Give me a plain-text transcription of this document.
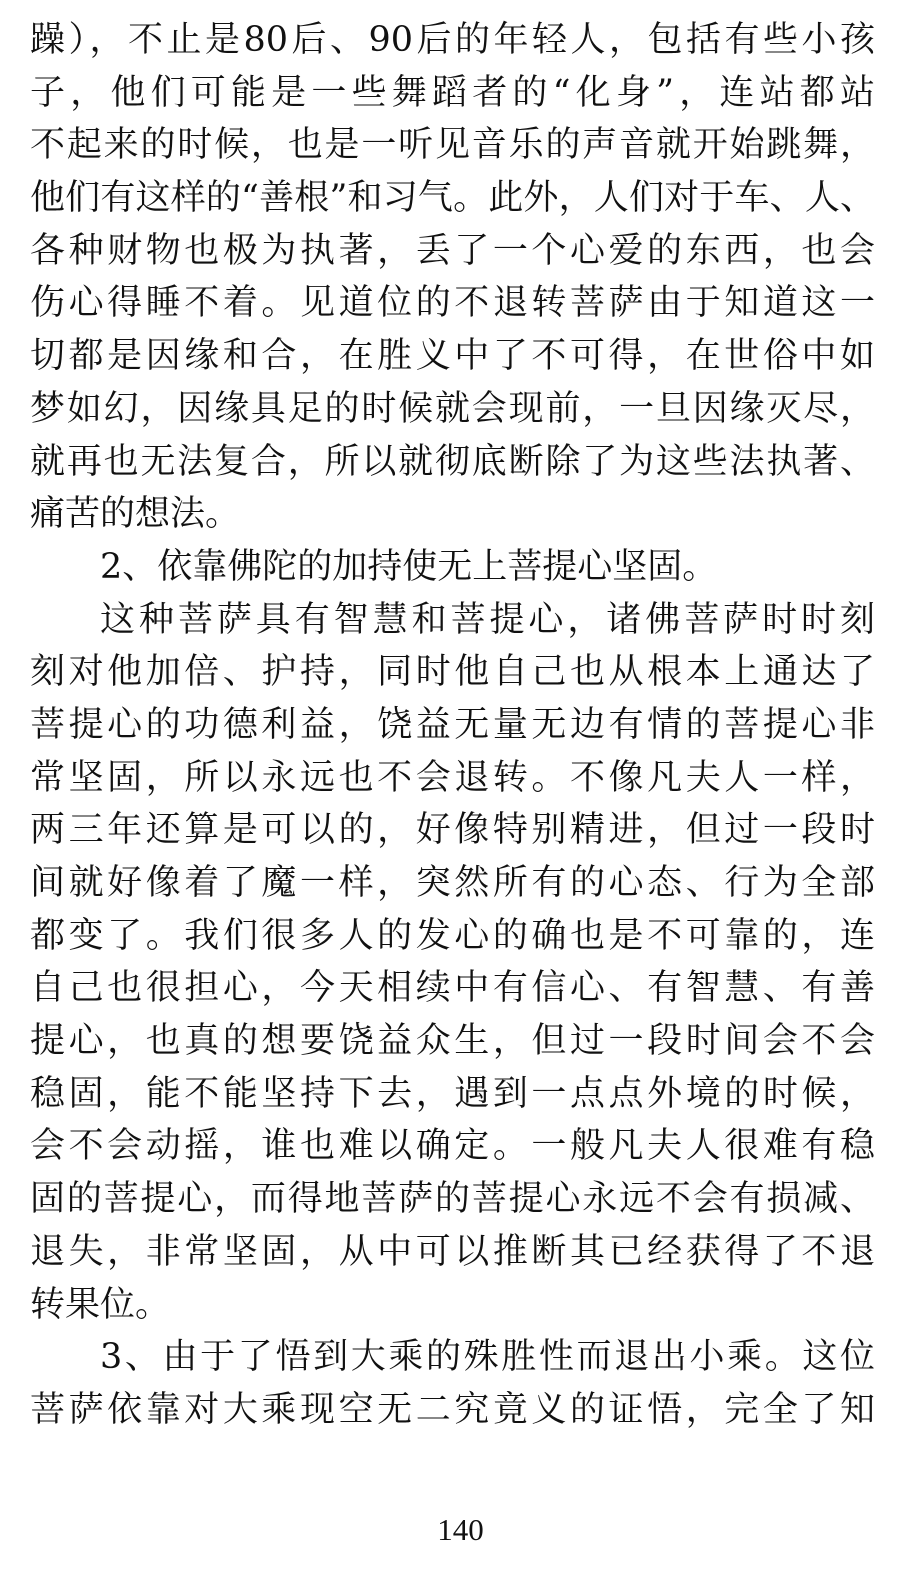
躁），不止是80后、90后的年轻人，包括有些小孩
子，他们可能是一些舞蹈者的“化身”，连站都站
不起来的时候，也是一听见音乐的声音就开始跳舞，
他们有这样的“善根”和习气。此外，人们对于车、人、
各种财物也极为执著，丢了一个心爱的东西，也会
伤心得睡不着。见道位的不退转菩萨由于知道这一
切都是因缘和合，在胜义中了不可得，在世俗中如
梦如幻，因缘具足的时候就会现前，一旦因缘灭尽，
就再也无法复合，所以就彻底断除了为这些法执著、
痛苦的想法。
2、依靠佛陀的加持使无上菩提心坚固。
这种菩萨具有智慧和菩提心，诸佛菩萨时时刻
刻对他加倍、护持，同时他自己也从根本上通达了
菩提心的功德利益，饶益无量无边有情的菩提心非
常坚固，所以永远也不会退转。不像凡夫人一样，
两三年还算是可以的，好像特别精进，但过一段时
间就好像着了魔一样，突然所有的心态、行为全部
都变了。我们很多人的发心的确也是不可靠的，连
自己也很担心，今天相续中有信心、有智慧、有善
提心，也真的想要饶益众生，但过一段时间会不会
稳固，能不能坚持下去，遇到一点点外境的时候，
会不会动摇，谁也难以确定。一般凡夫人很难有稳
固的菩提心，而得地菩萨的菩提心永远不会有损减、
退失，非常坚固，从中可以推断其已经获得了不退
转果位。
3、由于了悟到大乘的殊胜性而退出小乘。这位
菩萨依靠对大乘现空无二究竟义的证悟，完全了知
140
